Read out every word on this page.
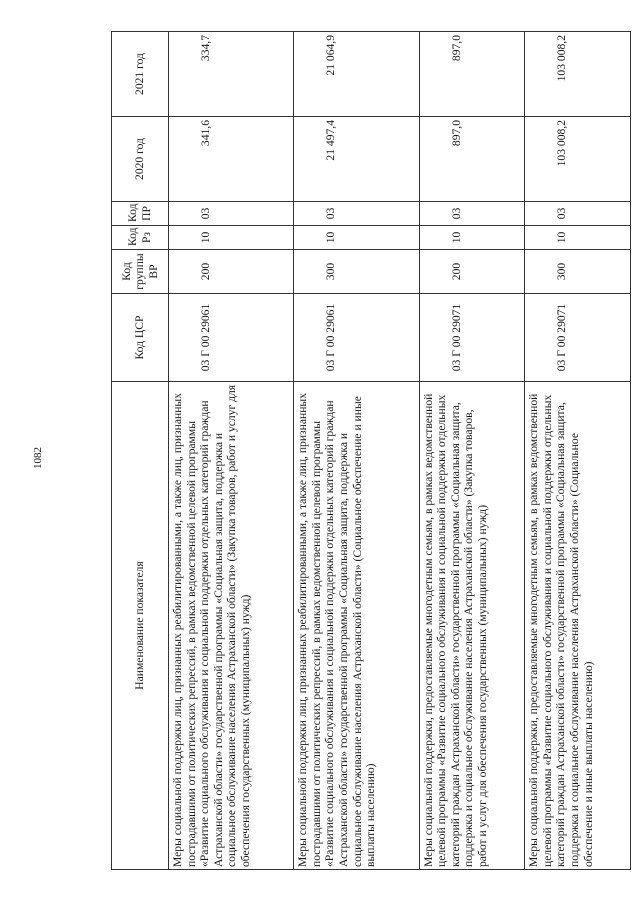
1082
Наименование показателя	Код ЦСР	Код группы ВР	Код Рз	Код ПР	2020 год	2021 год
Меры социальной поддержки лиц, признанных реабилитированными, а также лиц, признанных пострадавшими от политических репрессий, в рамках ведомственной целевой программы «Развитие социального обслуживания и социальной поддержки отдельных категорий граждан Астраханской области» государственной программы «Социальная защита, поддержка и социальное обслуживание населения Астраханской области» (Закупка товаров, работ и услуг для обеспечения государственных (муниципальных) нужд)	03 Г 00 29061	200	10	03	341,6	334,7
Меры социальной поддержки лиц, признанных реабилитированными, а также лиц, признанных пострадавшими от политических репрессий, в рамках ведомственной целевой программы «Развитие социального обслуживания и социальной поддержки отдельных категорий граждан Астраханской области» государственной программы «Социальная защита, поддержка и социальное обслуживание населения Астраханской области» (Социальное обеспечение и иные выплаты населению)	03 Г 00 29061	300	10	03	21 497,4	21 064,9
Меры социальной поддержки, предоставляемые многодетным семьям, в рамках ведомственной целевой программы «Развитие социального обслуживания и социальной поддержки отдельных категорий граждан Астраханской области» государственной программы «Социальная защита, поддержка и социальное обслуживание населения Астраханской области» (Закупка товаров, работ и услуг для обеспечения государственных (муниципальных) нужд)	03 Г 00 29071	200	10	03	897,0	897,0
Меры социальной поддержки, предоставляемые многодетным семьям, в рамках ведомственной целевой программы «Развитие социального обслуживания и социальной поддержки отдельных категорий граждан Астраханской области» государственной программы «Социальная защита, поддержка и социальное обслуживание населения Астраханской области» (Социальное обеспечение и иные выплаты населению)	03 Г 00 29071	300	10	03	103 008,2	103 008,2
